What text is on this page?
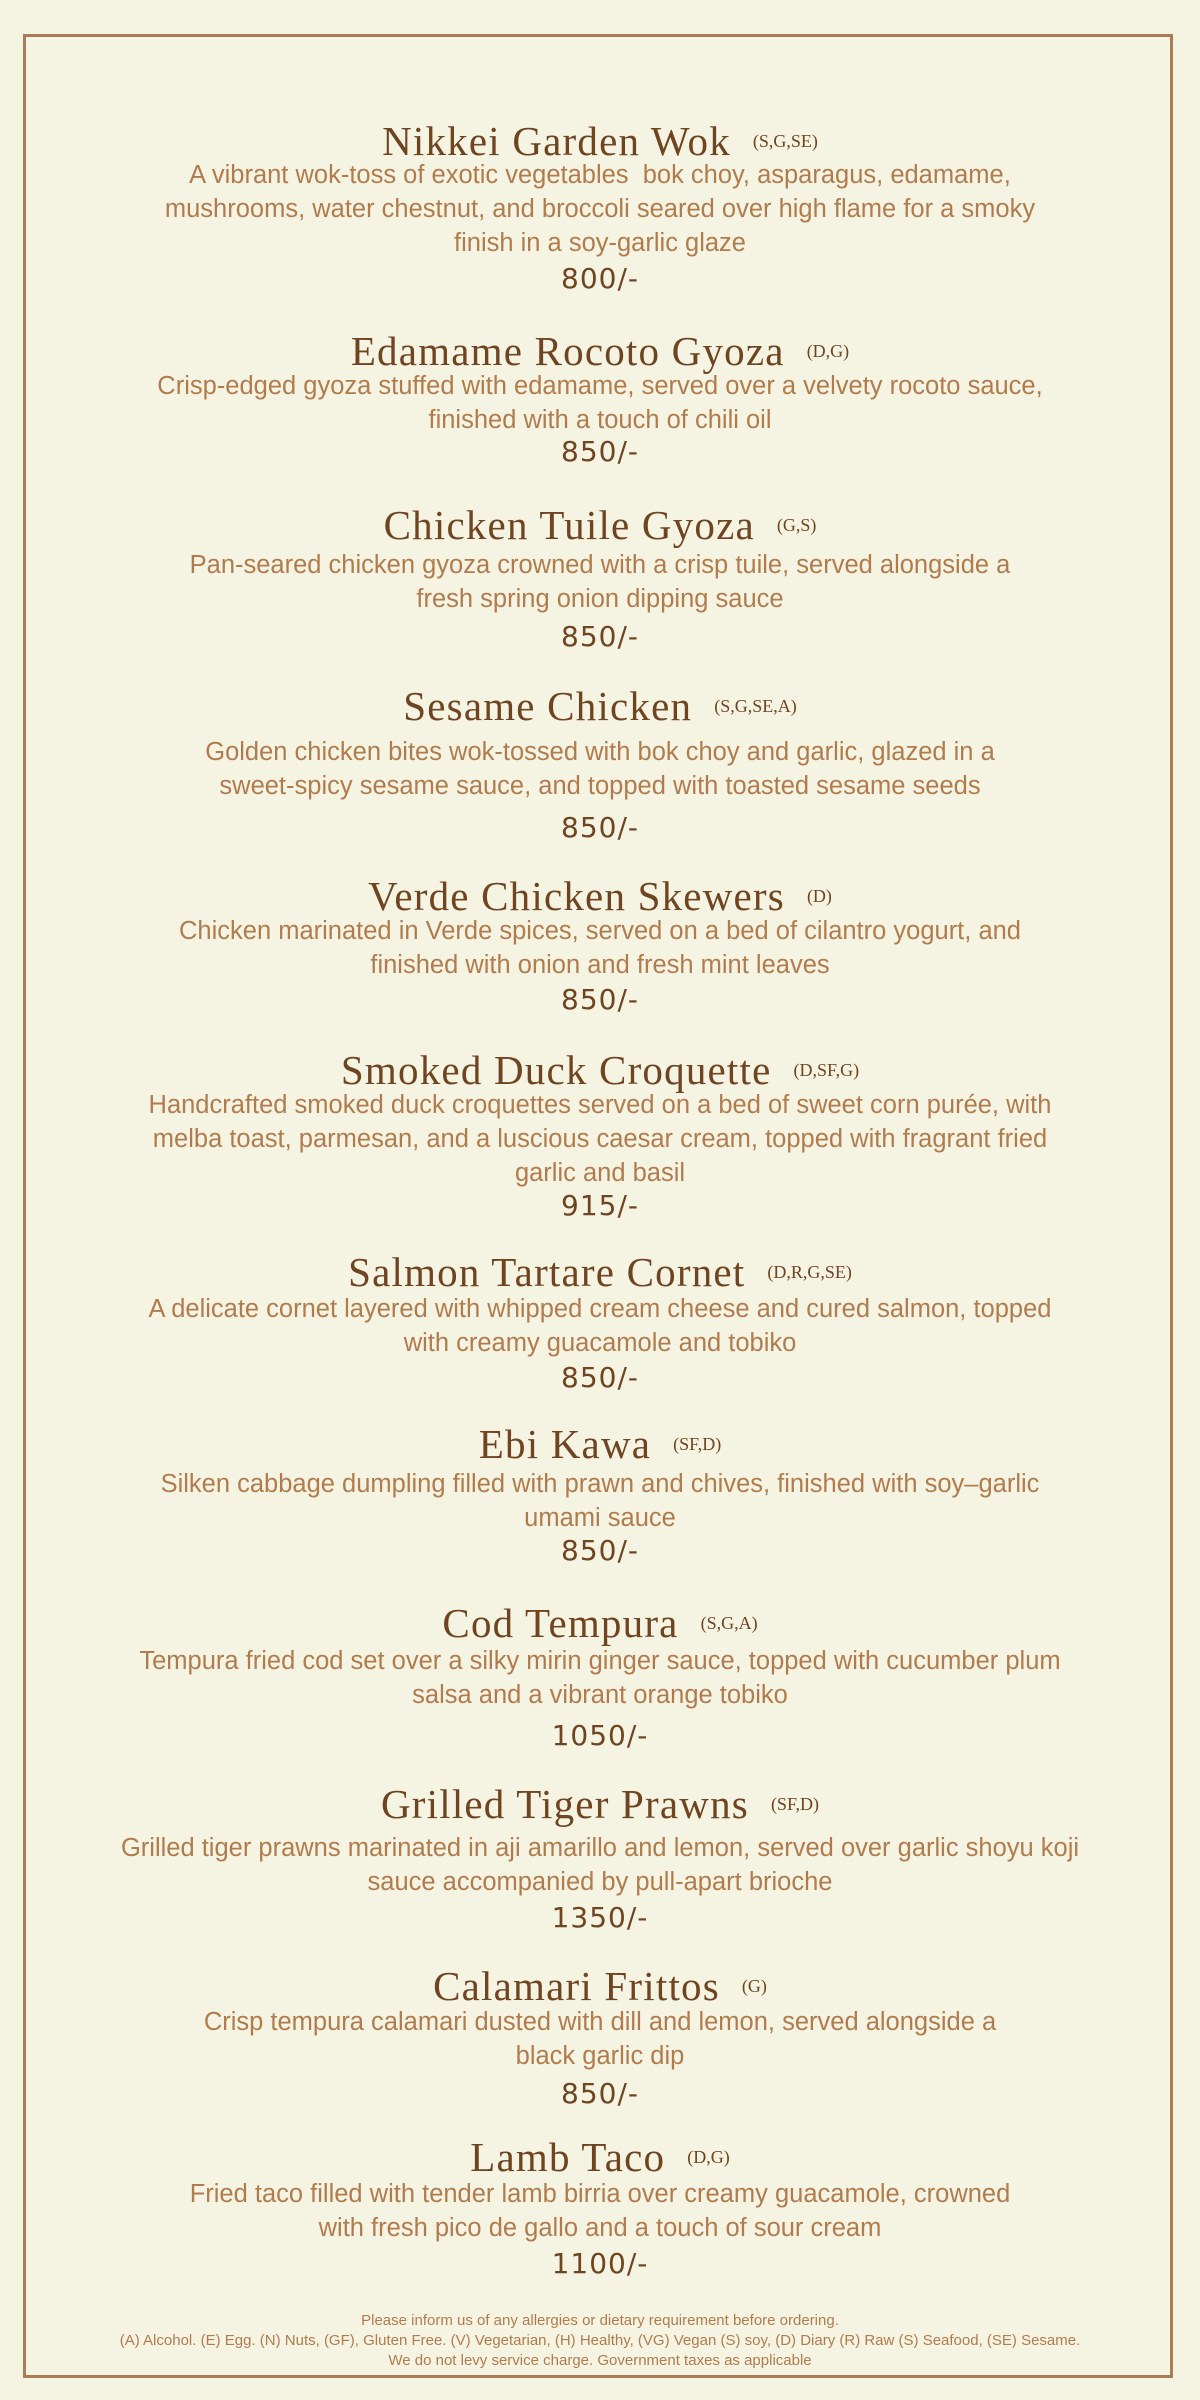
Nikkei Garden Wok (S,G,SE)
A vibrant wok-toss of exotic vegetables  bok choy, asparagus, edamame,
mushrooms, water chestnut, and broccoli seared over high flame for a smoky
finish in a soy-garlic glaze
800/-
Edamame Rocoto Gyoza (D,G)
Crisp-edged gyoza stuffed with edamame, served over a velvety rocoto sauce,
finished with a touch of chili oil
850/-
Chicken Tuile Gyoza (G,S)
Pan-seared chicken gyoza crowned with a crisp tuile, served alongside a
fresh spring onion dipping sauce
850/-
Sesame Chicken (S,G,SE,A)
Golden chicken bites wok-tossed with bok choy and garlic, glazed in a
sweet-spicy sesame sauce, and topped with toasted sesame seeds
850/-
Verde Chicken Skewers (D)
Chicken marinated in Verde spices, served on a bed of cilantro yogurt, and
finished with onion and fresh mint leaves
850/-
Smoked Duck Croquette (D,SF,G)
Handcrafted smoked duck croquettes served on a bed of sweet corn purée, with
melba toast, parmesan, and a luscious caesar cream, topped with fragrant fried
garlic and basil
915/-
Salmon Tartare Cornet (D,R,G,SE)
A delicate cornet layered with whipped cream cheese and cured salmon, topped
with creamy guacamole and tobiko
850/-
Ebi Kawa (SF,D)
Silken cabbage dumpling filled with prawn and chives, finished with soy–garlic
umami sauce
850/-
Cod Tempura (S,G,A)
Tempura fried cod set over a silky mirin ginger sauce, topped with cucumber plum
salsa and a vibrant orange tobiko
1050/-
Grilled Tiger Prawns (SF,D)
Grilled tiger prawns marinated in aji amarillo and lemon, served over garlic shoyu koji
sauce accompanied by pull-apart brioche
1350/-
Calamari Frittos (G)
Crisp tempura calamari dusted with dill and lemon, served alongside a
black garlic dip
850/-
Lamb Taco (D,G)
Fried taco filled with tender lamb birria over creamy guacamole, crowned
with fresh pico de gallo and a touch of sour cream
1100/-
Please inform us of any allergies or dietary requirement before ordering.
(A) Alcohol. (E) Egg. (N) Nuts, (GF), Gluten Free. (V) Vegetarian, (H) Healthy, (VG) Vegan (S) soy, (D) Diary (R) Raw (S) Seafood, (SE) Sesame.
We do not levy service charge. Government taxes as applicable
